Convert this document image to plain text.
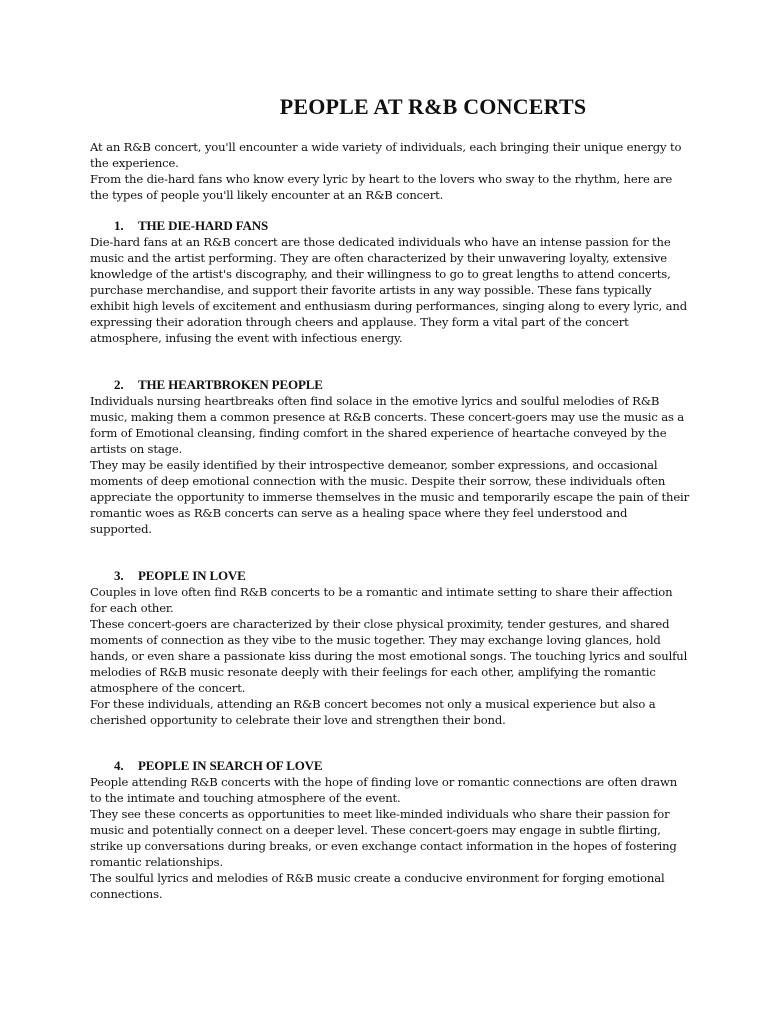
PEOPLE AT R&B CONCERTS

At an R&B concert, you'll encounter a wide variety of individuals, each bringing their unique energy to the experience.

From the die-hard fans who know every lyric by heart to the lovers who sway to the rhythm, here are the types of people you'll likely encounter at an R&B concert.

1.	THE DIE-HARD FANS

Die-hard fans at an R&B concert are those dedicated individuals who have an intense passion for the music and the artist performing. They are often characterized by their unwavering loyalty, extensive knowledge of the artist's discography, and their willingness to go to great lengths to attend concerts, purchase merchandise, and support their favorite artists in any way possible. These fans typically exhibit high levels of excitement and enthusiasm during performances, singing along to every lyric, and expressing their adoration through cheers and applause. They form a vital part of the concert atmosphere, infusing the event with infectious energy.

2.	THE HEARTBROKEN PEOPLE

Individuals nursing heartbreaks often find solace in the emotive lyrics and soulful melodies of R&B music, making them a common presence at R&B concerts. These concert-goers may use the music as a form of Emotional cleansing, finding comfort in the shared experience of heartache conveyed by the artists on stage.

They may be easily identified by their introspective demeanor, somber expressions, and occasional moments of deep emotional connection with the music. Despite their sorrow, these individuals often appreciate the opportunity to immerse themselves in the music and temporarily escape the pain of their romantic woes as R&B concerts can serve as a healing space where they feel understood and supported.

3.	PEOPLE IN LOVE

Couples in love often find R&B concerts to be a romantic and intimate setting to share their affection for each other.

These concert-goers are characterized by their close physical proximity, tender gestures, and shared moments of connection as they vibe to the music together. They may exchange loving glances, hold hands, or even share a passionate kiss during the most emotional songs. The touching lyrics and soulful melodies of R&B music resonate deeply with their feelings for each other, amplifying the romantic atmosphere of the concert.

For these individuals, attending an R&B concert becomes not only a musical experience but also a cherished opportunity to celebrate their love and strengthen their bond.

4.	PEOPLE IN SEARCH OF LOVE

People attending R&B concerts with the hope of finding love or romantic connections are often drawn to the intimate and touching atmosphere of the event.

They see these concerts as opportunities to meet like-minded individuals who share their passion for music and potentially connect on a deeper level. These concert-goers may engage in subtle flirting, strike up conversations during breaks, or even exchange contact information in the hopes of fostering romantic relationships.

The soulful lyrics and melodies of R&B music create a conducive environment for forging emotional connections.
